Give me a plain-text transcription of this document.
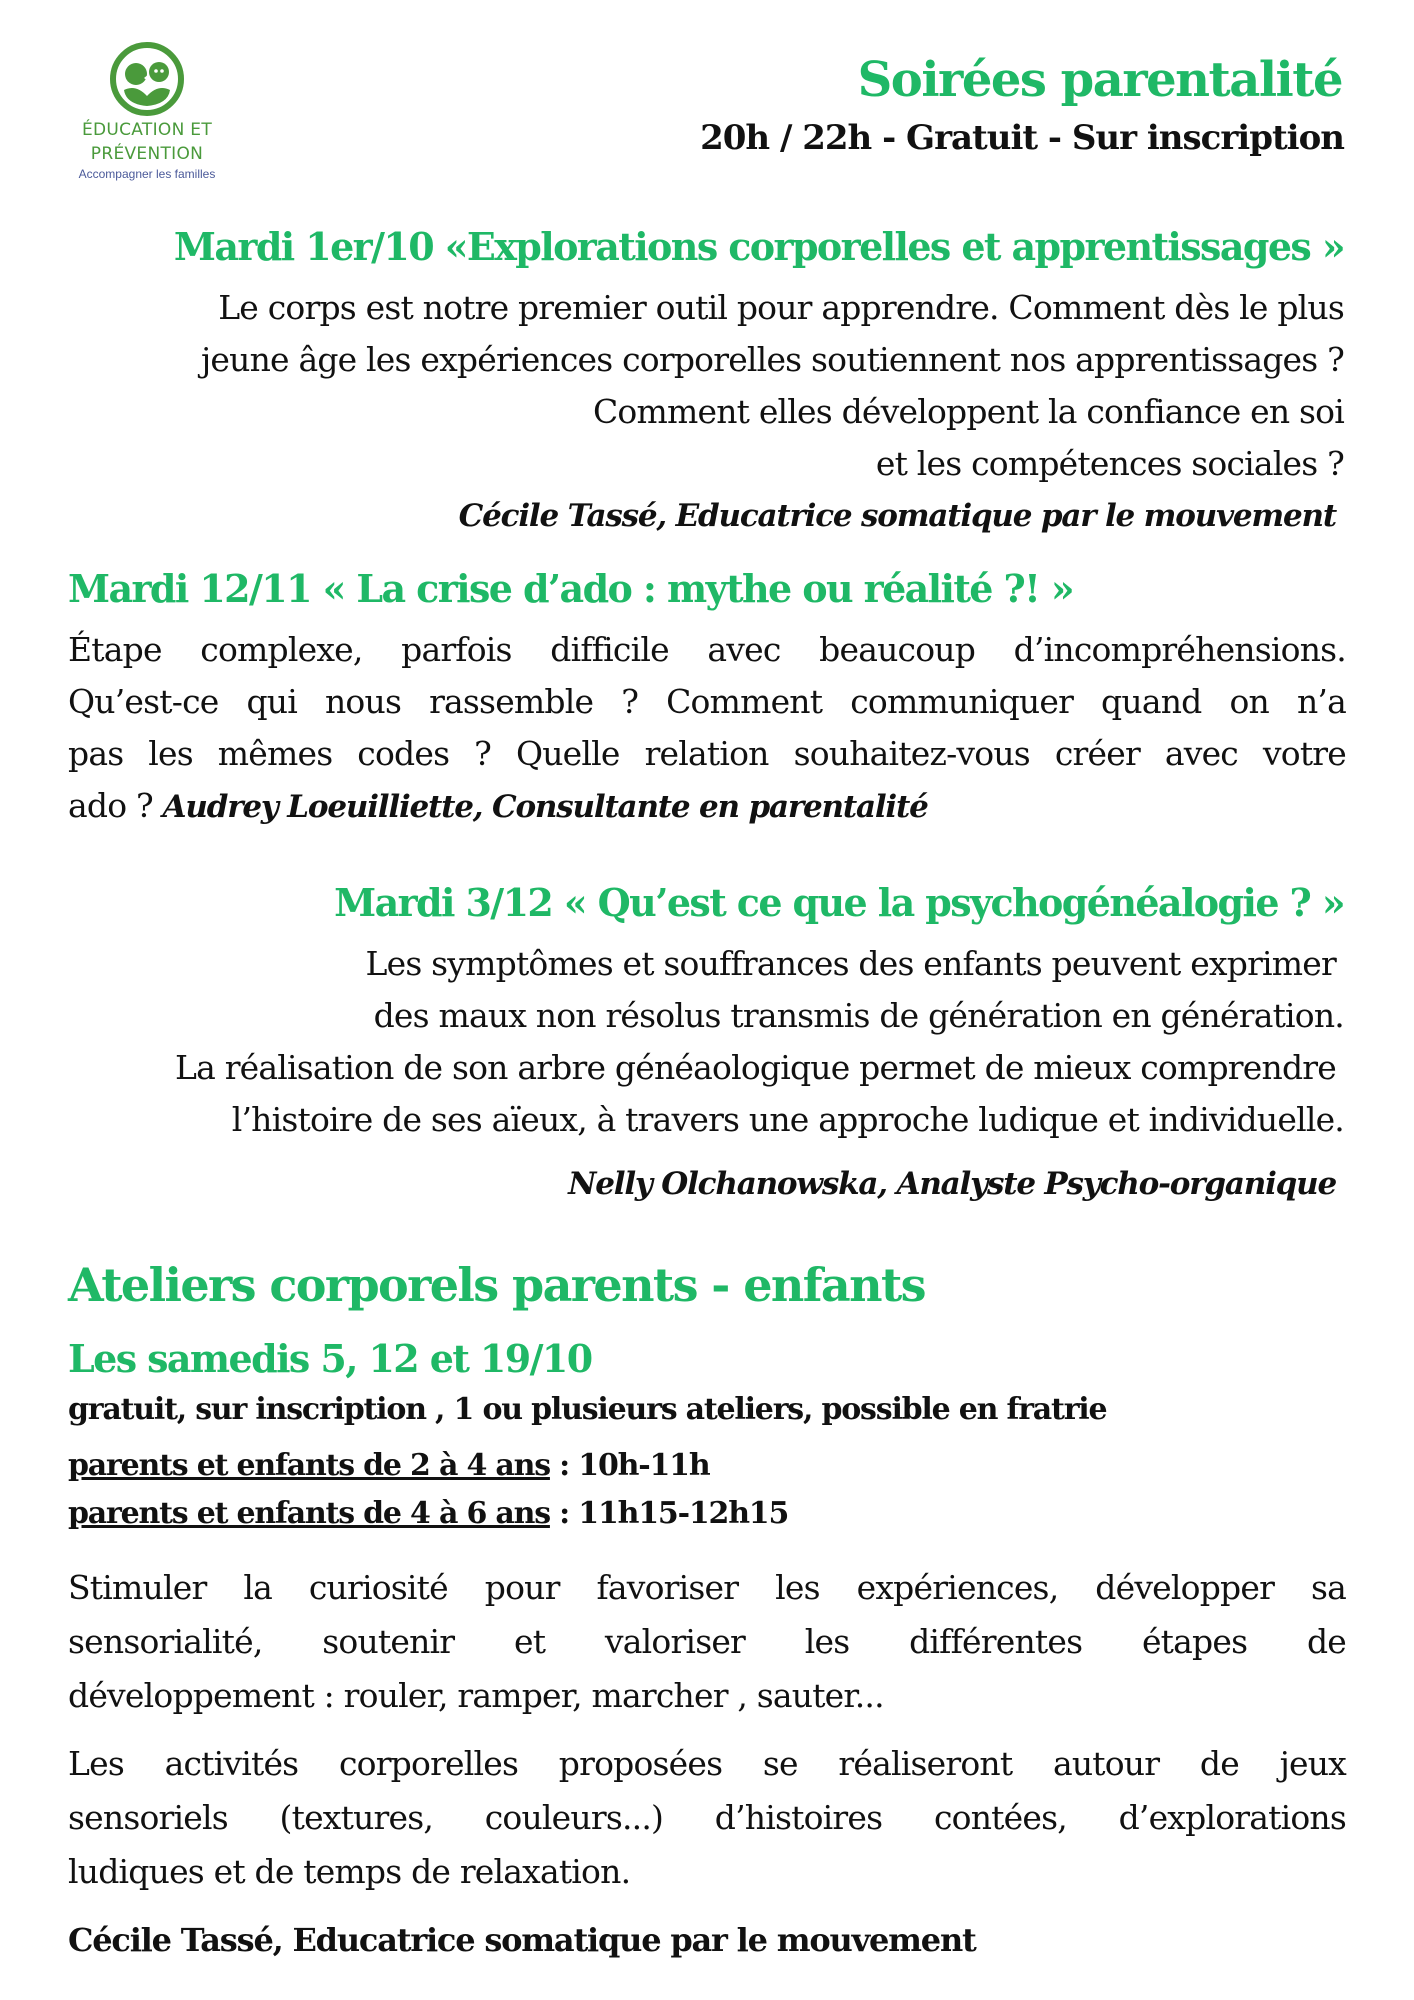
ÉDUCATION ET
PRÉVENTION
Accompagner les familles
Soirées parentalité
20h / 22h - Gratuit - Sur inscription
Mardi 1er/10 «Explorations corporelles et apprentissages »
Le corps est notre premier outil pour apprendre. Comment dès le plus
jeune âge les expériences corporelles soutiennent nos apprentissages ?
Comment elles développent la confiance en soi
et les compétences sociales ?
Cécile Tassé, Educatrice somatique par le mouvement
Mardi 12/11 « La crise d’ado : mythe ou réalité ?! »
Étape complexe, parfois difficile avec beaucoup d’incompréhensions.
Qu’est-ce qui nous rassemble ? Comment communiquer quand on n’a
pas les mêmes codes ? Quelle relation souhaitez-vous créer avec votre
ado ? Audrey Loeuilliette, Consultante en parentalité
Mardi 3/12 « Qu’est ce que la psychogénéalogie ? »
Les symptômes et souffrances des enfants peuvent exprimer
des maux non résolus transmis de génération en génération.
La réalisation de son arbre généaologique permet de mieux comprendre
l’histoire de ses aïeux, à travers une approche ludique et individuelle.
Nelly Olchanowska, Analyste Psycho-organique
Ateliers corporels parents - enfants
Les samedis 5, 12 et 19/10
gratuit, sur inscription , 1 ou plusieurs ateliers, possible en fratrie
parents et enfants de 2 à 4 ans : 10h-11h
parents et enfants de 4 à 6 ans : 11h15-12h15
Stimuler la curiosité pour favoriser les expériences, développer sa
sensorialité, soutenir et valoriser les différentes étapes de
développement : rouler, ramper, marcher , sauter...
Les activités corporelles proposées se réaliseront autour de jeux
sensoriels (textures, couleurs...) d’histoires contées, d’explorations
ludiques et de temps de relaxation.
Cécile Tassé, Educatrice somatique par le mouvement
